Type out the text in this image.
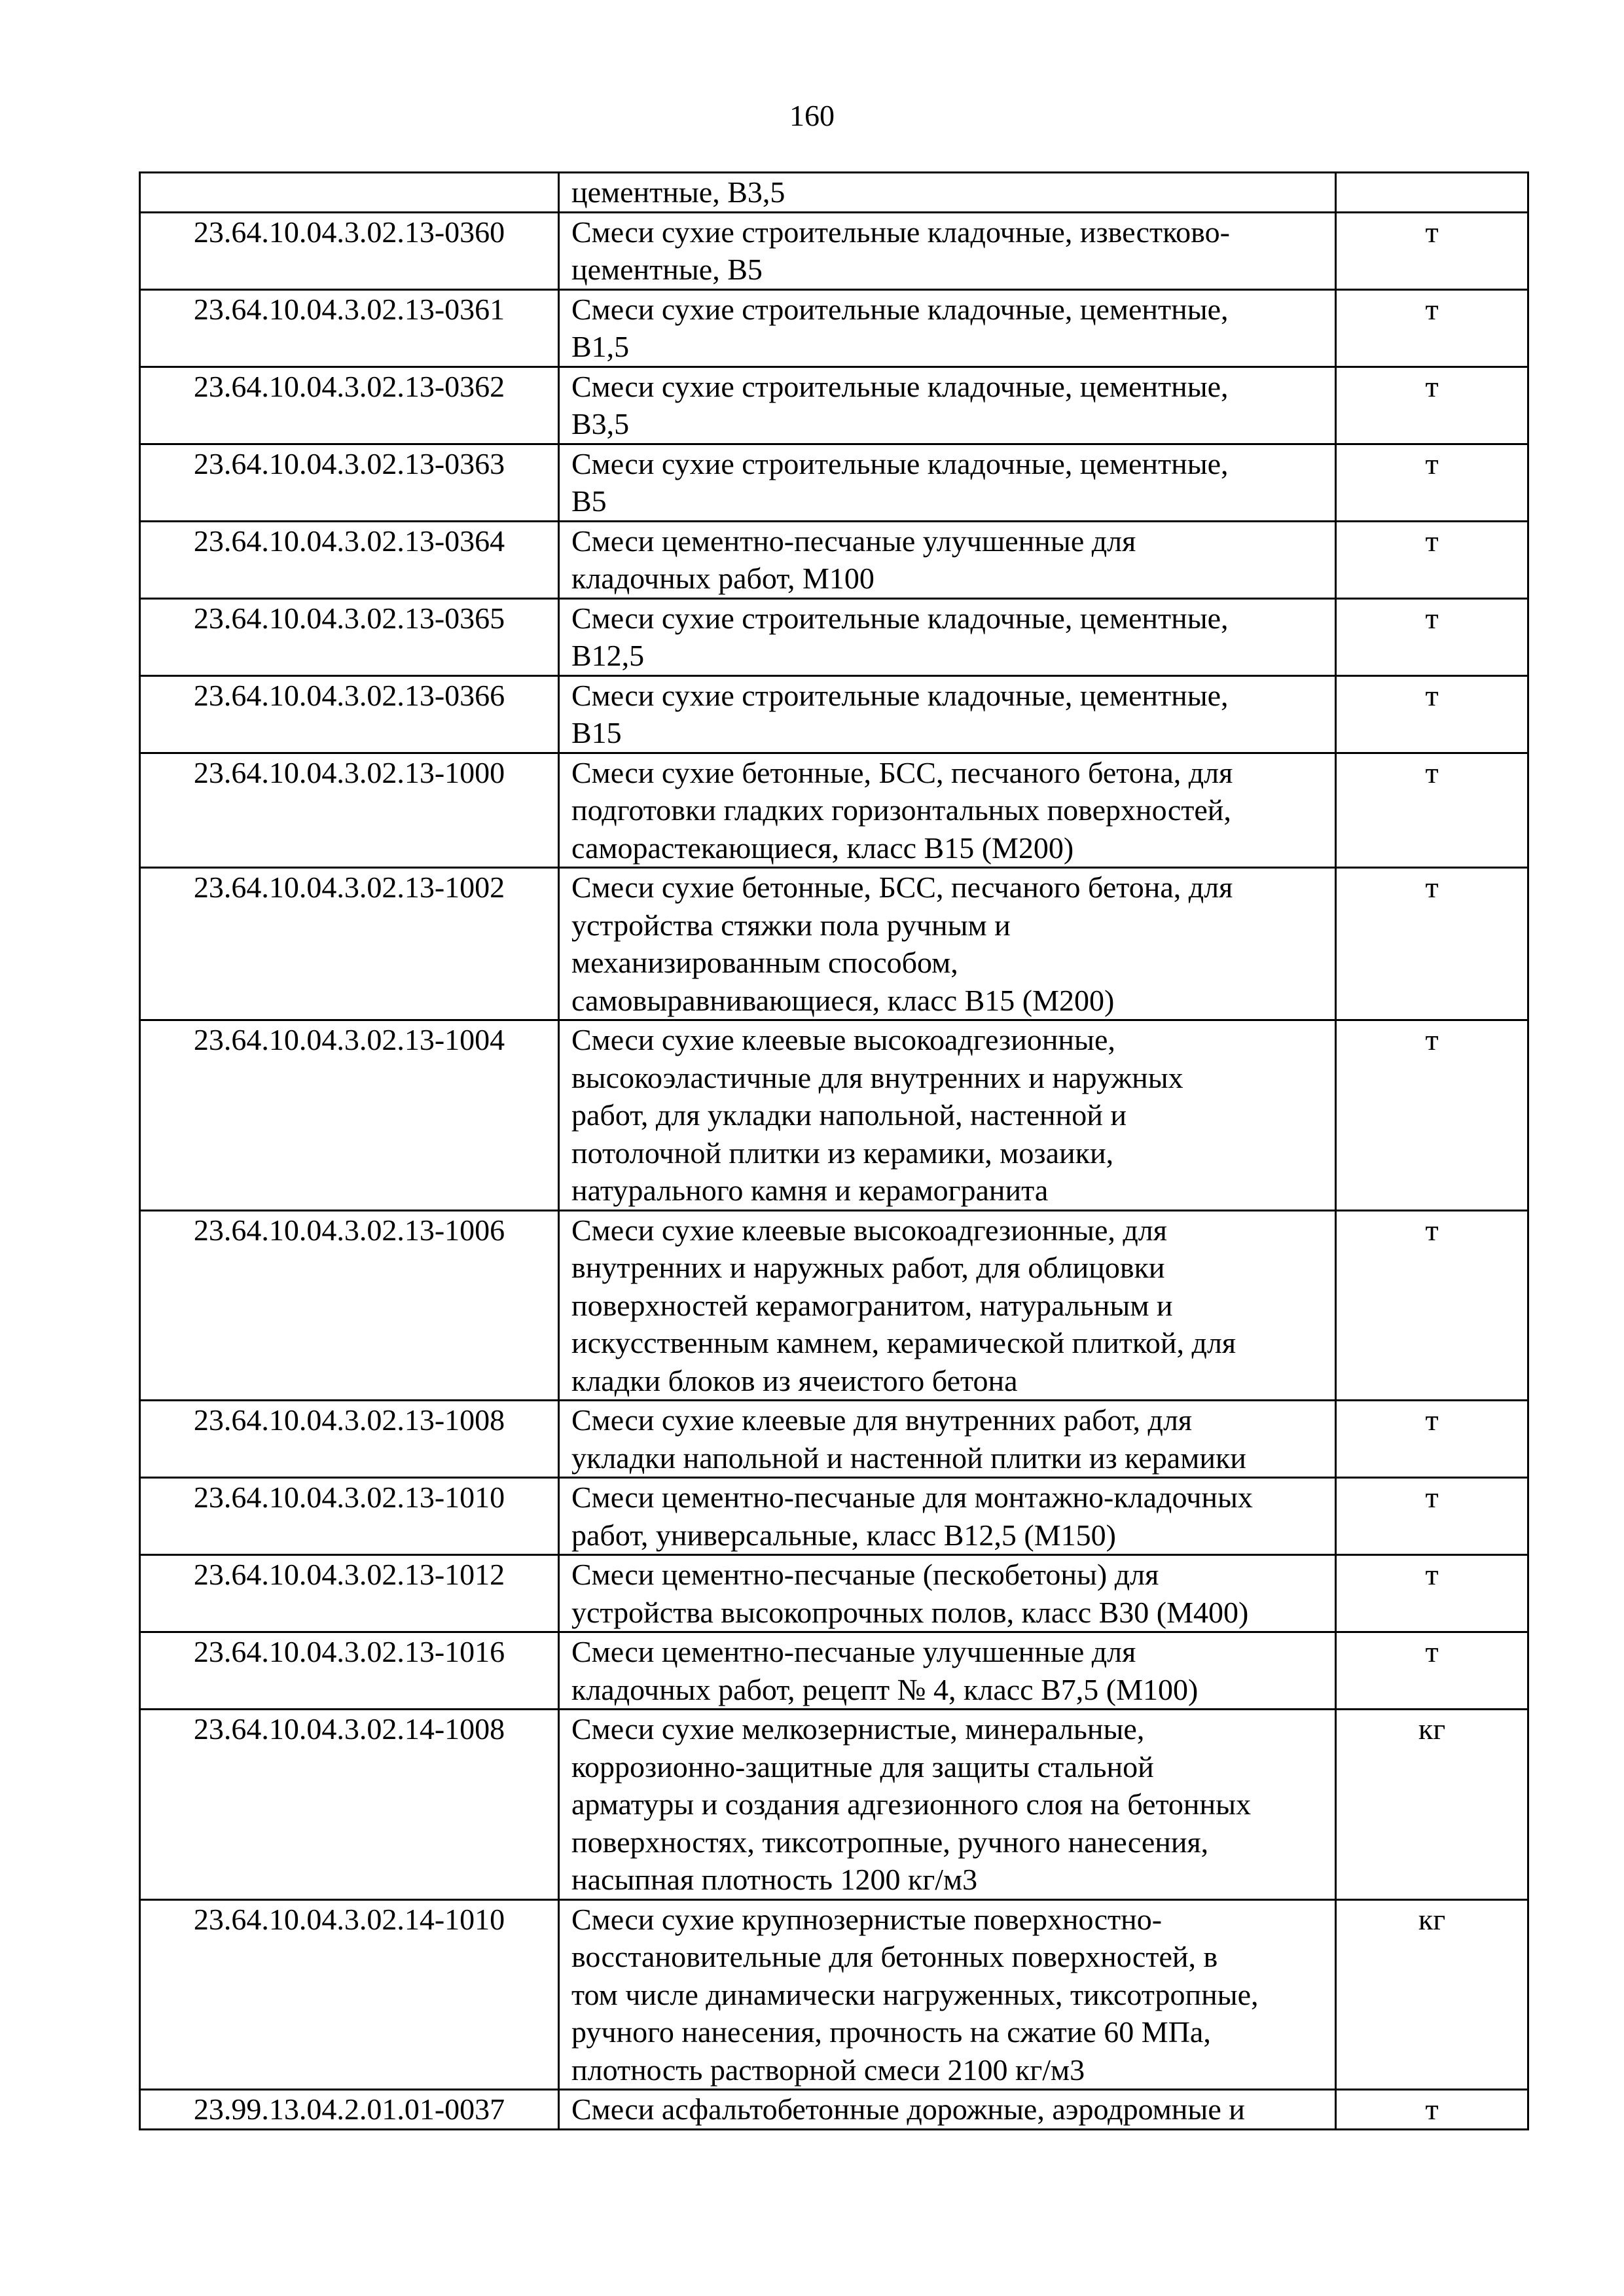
160

	цементные, В3,5	

23.64.10.04.3.02.13-0360	Смеси сухие строительные кладочные, известково-
цементные, В5	т
23.64.10.04.3.02.13-0361	Смеси сухие строительные кладочные, цементные,
В1,5	т
23.64.10.04.3.02.13-0362	Смеси сухие строительные кладочные, цементные,
В3,5	т
23.64.10.04.3.02.13-0363	Смеси сухие строительные кладочные, цементные,
В5	т
23.64.10.04.3.02.13-0364	Смеси цементно-песчаные улучшенные для
кладочных работ, М100	т
23.64.10.04.3.02.13-0365	Смеси сухие строительные кладочные, цементные,
В12,5	т
23.64.10.04.3.02.13-0366	Смеси сухие строительные кладочные, цементные,
В15	т
23.64.10.04.3.02.13-1000	Смеси сухие бетонные, БСС, песчаного бетона, для
подготовки гладких горизонтальных поверхностей,
саморастекающиеся, класс В15 (М200)	т
23.64.10.04.3.02.13-1002	Смеси сухие бетонные, БСС, песчаного бетона, для
устройства стяжки пола ручным и
механизированным способом,
самовыравнивающиеся, класс В15 (М200)	т
23.64.10.04.3.02.13-1004	Смеси сухие клеевые высокоадгезионные,
высокоэластичные для внутренних и наружных
работ, для укладки напольной, настенной и
потолочной плитки из керамики, мозаики,
натурального камня и керамогранита	т
23.64.10.04.3.02.13-1006	Смеси сухие клеевые высокоадгезионные, для
внутренних и наружных работ, для облицовки
поверхностей керамогранитом, натуральным и
искусственным камнем, керамической плиткой, для
кладки блоков из ячеистого бетона	т
23.64.10.04.3.02.13-1008	Смеси сухие клеевые для внутренних работ, для
укладки напольной и настенной плитки из керамики	т
23.64.10.04.3.02.13-1010	Смеси цементно-песчаные для монтажно-кладочных
работ, универсальные, класс В12,5 (М150)	т
23.64.10.04.3.02.13-1012	Смеси цементно-песчаные (пескобетоны) для
устройства высокопрочных полов, класс В30 (М400)	т
23.64.10.04.3.02.13-1016	Смеси цементно-песчаные улучшенные для
кладочных работ, рецепт № 4, класс В7,5 (М100)	т
23.64.10.04.3.02.14-1008	Смеси сухие мелкозернистые, минеральные,
коррозионно-защитные для защиты стальной
арматуры и создания адгезионного слоя на бетонных
поверхностях, тиксотропные, ручного нанесения,
насыпная плотность 1200 кг/м3	кг
23.64.10.04.3.02.14-1010	Смеси сухие крупнозернистые поверхностно-
восстановительные для бетонных поверхностей, в
том числе динамически нагруженных, тиксотропные,
ручного нанесения, прочность на сжатие 60 МПа,
плотность растворной смеси 2100 кг/м3	кг
23.99.13.04.2.01.01-0037	Смеси асфальтобетонные дорожные, аэродромные и	т
